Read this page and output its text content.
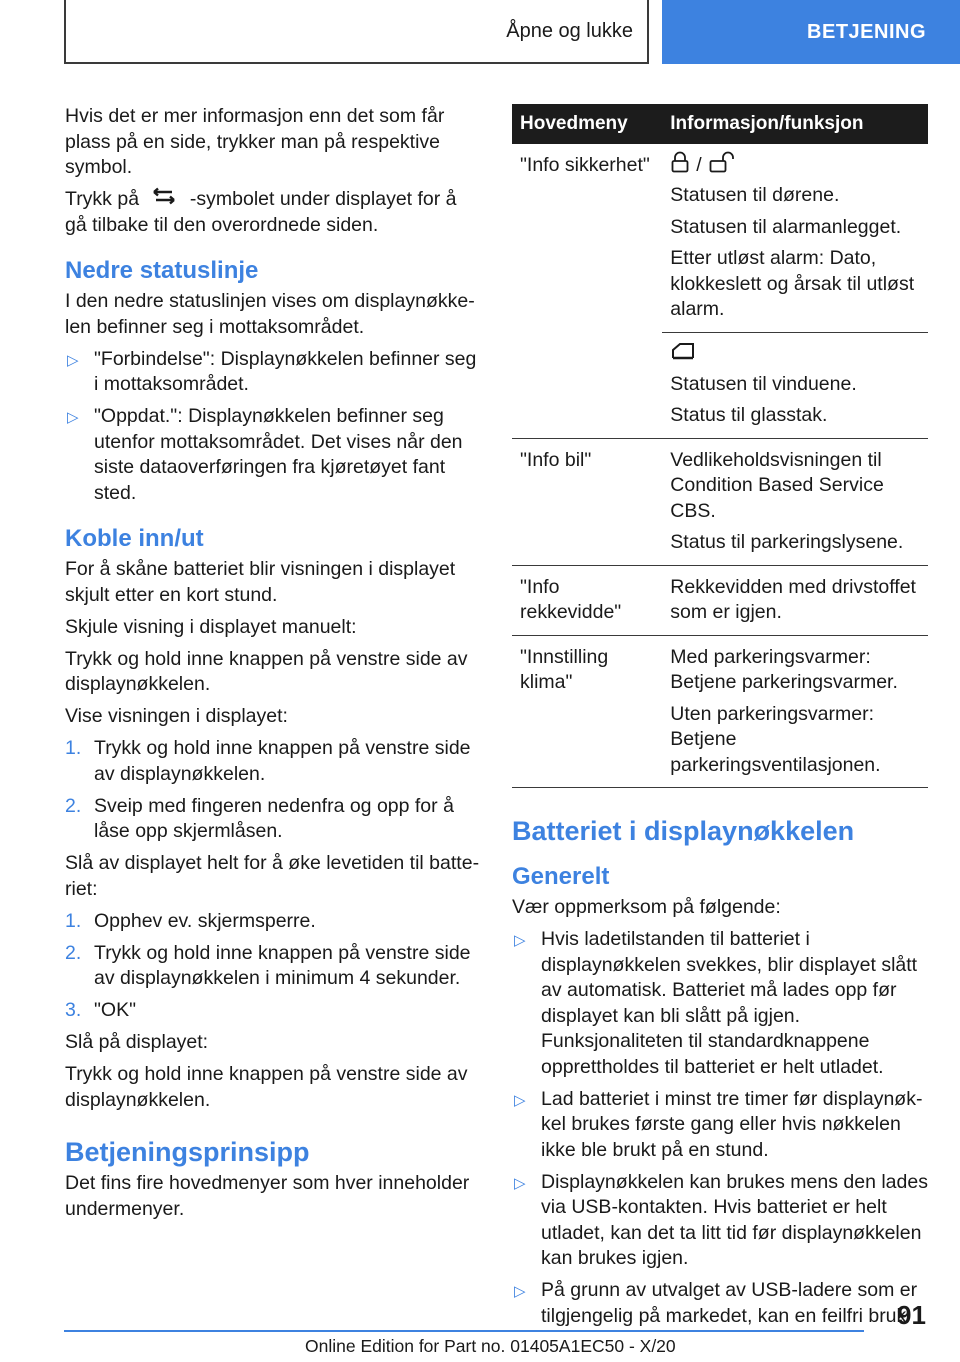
Åpne og lukke	BETJENING

Hvis det er mer informasjon enn det som får plass på en side, trykker man på respektive symbol.

Trykk på	-symbolet under displayet for å gå tilbake til den overordnede siden.

Nedre statuslinje

I den nedre statuslinjen vises om displaynøkkelen befinner seg i mottaksområdet.

▷ "Forbindelse": Displaynøkkelen befinner seg i mottaksområdet.
▷ "Oppdat.": Displaynøkkelen befinner seg utenfor mottaksområdet. Det vises når den siste dataoverføringen fra kjøretøyet fant sted.
Koble inn/ut

For å skåne batteriet blir visningen i displayet skjult etter en kort stund.

Skjule visning i displayet manuelt:

Trykk og hold inne knappen på venstre side av displaynøkkelen.

Vise visningen i displayet:

1. Trykk og hold inne knappen på venstre side av displaynøkkelen.
2. Sveip med fingeren nedenfra og opp for å låse opp skjermlåsen.

Slå av displayet helt for å øke levetiden til batteriet:

1. Opphev ev. skjermsperre.
2. Trykk og hold inne knappen på venstre side av displaynøkkelen i minimum 4 sekunder.
3. "OK"

Slå på displayet:

Trykk og hold inne knappen på venstre side av displaynøkkelen.

Betjeningsprinsipp

Det fins fire hovedmenyer som hver inneholder undermenyer.

Hovedmeny	Informasjon/funksjon
"Info sikkerhet"	/

Statusen til dørene.

Statusen til alarmanlegget.

Etter utløst alarm: Dato, klokkeslett og årsak til utløst alarm.

	Statusen til vinduene.

Status til glasstak.

"Info bil"	Vedlikeholdsvisningen til Condition Based Service CBS.

Status til parkeringslysene.

"Info rekkevidde"	Rekkevidden med drivstoffet som er igjen.

"Innstilling klima"	Med parkeringsvarmer: Betjene parkeringsvarmer.

Uten parkeringsvarmer: Betjene parkeringsventilasjonen.

Batteriet i displaynøkkelen
Generelt

Vær oppmerksom på følgende:

▷ Hvis ladetilstanden til batteriet i displaynøkkelen svekkes, blir displayet slått av automatisk. Batteriet må lades opp før displayet kan bli slått på igjen. Funksjonaliteten til standardknappene opprettholdes til batteriet er helt utladet.
▷ Lad batteriet i minst tre timer før displaynøkkel brukes første gang eller hvis nøkkelen ikke ble brukt på en stund.
▷ Displaynøkkelen kan brukes mens den lades via USB-kontakten. Hvis batteriet er helt utladet, kan det ta litt tid før displaynøkkelen kan brukes igjen.
▷ På grunn av utvalget av USB-ladere som er tilgjengelig på markedet, kan en feilfri bruk
91
Online Edition for Part no. 01405A1EC50 - X/20
